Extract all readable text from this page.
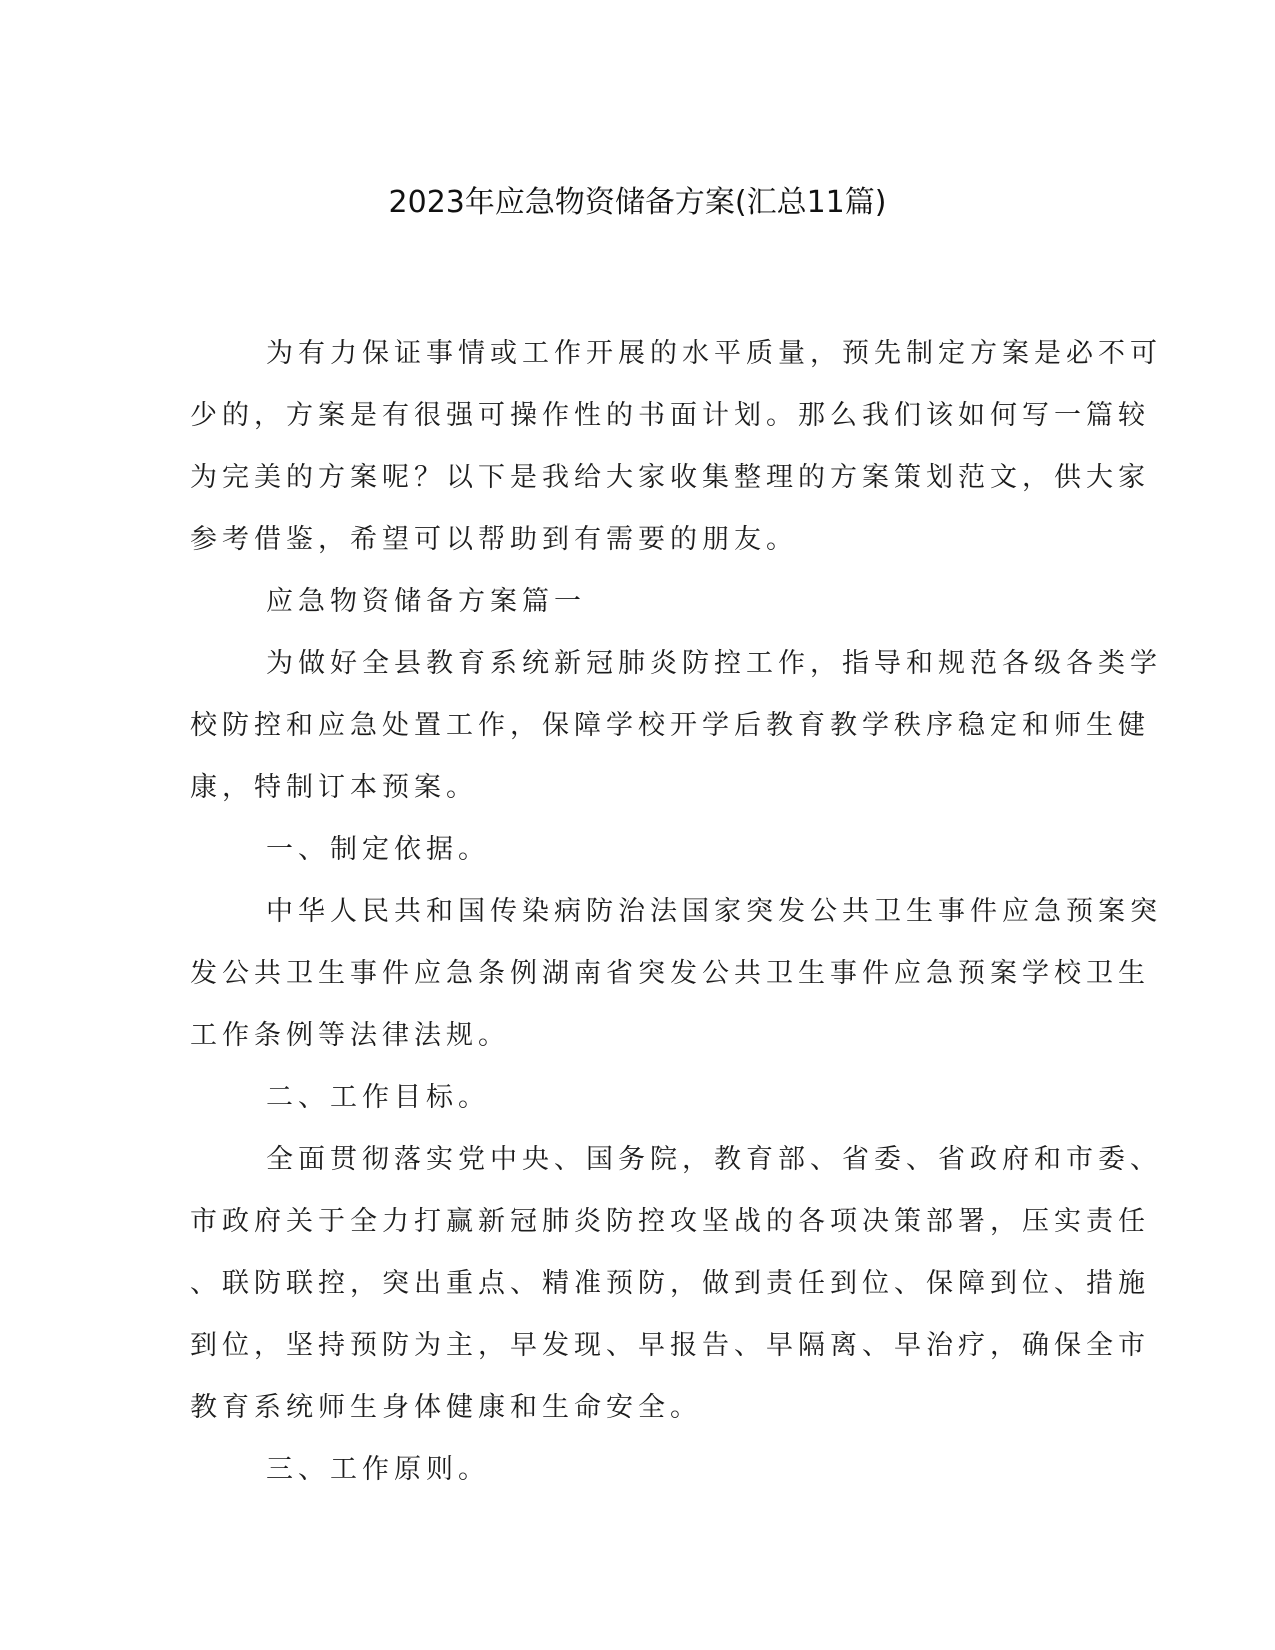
2023年应急物资储备方案(汇总11篇)

为有力保证事情或工作开展的水平质量，预先制定方案是必不可
少的，方案是有很强可操作性的书面计划。那么我们该如何写一篇较
为完美的方案呢？以下是我给大家收集整理的方案策划范文，供大家
参考借鉴，希望可以帮助到有需要的朋友。

应急物资储备方案篇一

为做好全县教育系统新冠肺炎防控工作，指导和规范各级各类学
校防控和应急处置工作，保障学校开学后教育教学秩序稳定和师生健
康，特制订本预案。

一、制定依据。

中华人民共和国传染病防治法国家突发公共卫生事件应急预案突
发公共卫生事件应急条例湖南省突发公共卫生事件应急预案学校卫生
工作条例等法律法规。

二、工作目标。

全面贯彻落实党中央、国务院，教育部、省委、省政府和市委、
市政府关于全力打赢新冠肺炎防控攻坚战的各项决策部署，压实责任
、联防联控，突出重点、精准预防，做到责任到位、保障到位、措施
到位，坚持预防为主，早发现、早报告、早隔离、早治疗，确保全市
教育系统师生身体健康和生命安全。

三、工作原则。
